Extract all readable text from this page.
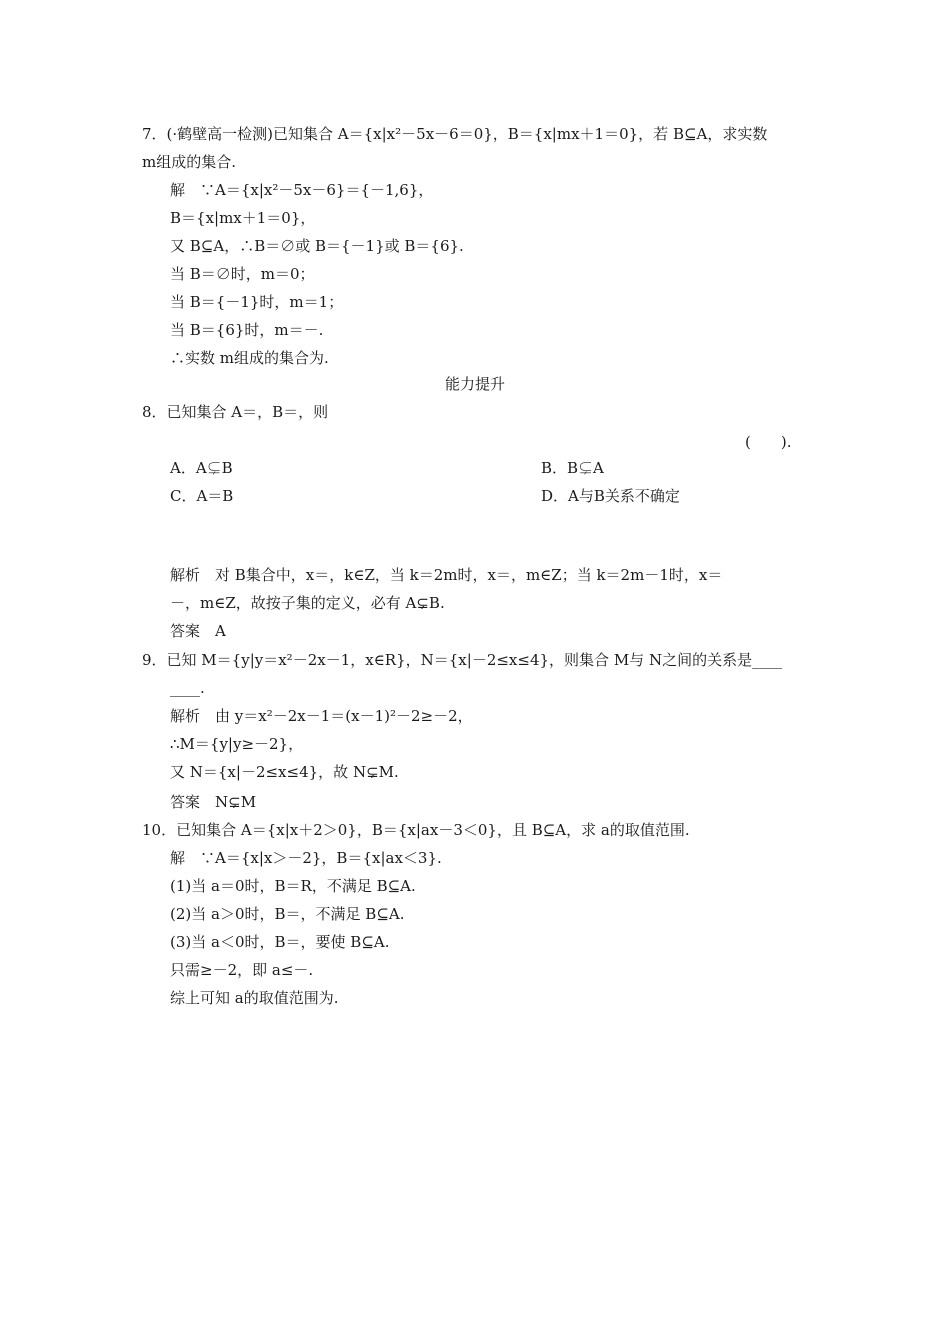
7．(·鹤壁高一检测)已知集合 A＝{x|x²－5x－6＝0}，B＝{x|mx＋1＝0}，若 B⊆A，求实数
m组成的集合.
解　∵A＝{x|x²－5x－6}＝{－1,6}，
B＝{x|mx＋1＝0}，
又 B⊆A，∴B＝∅或 B＝{－1}或 B＝{6}.
当 B＝∅时，m＝0；
当 B＝{－1}时，m＝1；
当 B＝{6}时，m＝－.
∴实数 m组成的集合为.
能力提升
8．已知集合 A＝，B＝，则
(　　).
A．A⊊B	B．B⊊A
C．A＝B	D．A与B关系不确定
解析　对 B集合中，x＝，k∈Z，当 k＝2m时，x＝，m∈Z；当 k＝2m－1时，x＝
－，m∈Z，故按子集的定义，必有 A⊊B.
答案　A
9．已知 M＝{y|y＝x²－2x－1，x∈R}，N＝{x|－2≤x≤4}，则集合 M与 N之间的关系是____
____.
解析　由 y＝x²－2x－1＝(x－1)²－2≥－2，
∴M＝{y|y≥－2}，
又 N＝{x|－2≤x≤4}，故 N⊊M.
答案　N⊊M
10．已知集合 A＝{x|x＋2＞0}，B＝{x|ax－3＜0}，且 B⊆A，求 a的取值范围.
解　∵A＝{x|x＞－2}，B＝{x|ax＜3}.
(1)当 a＝0时，B＝R，不满足 B⊆A.
(2)当 a＞0时，B＝，不满足 B⊆A.
(3)当 a＜0时，B＝，要使 B⊆A.
只需≥－2，即 a≤－.
综上可知 a的取值范围为.
